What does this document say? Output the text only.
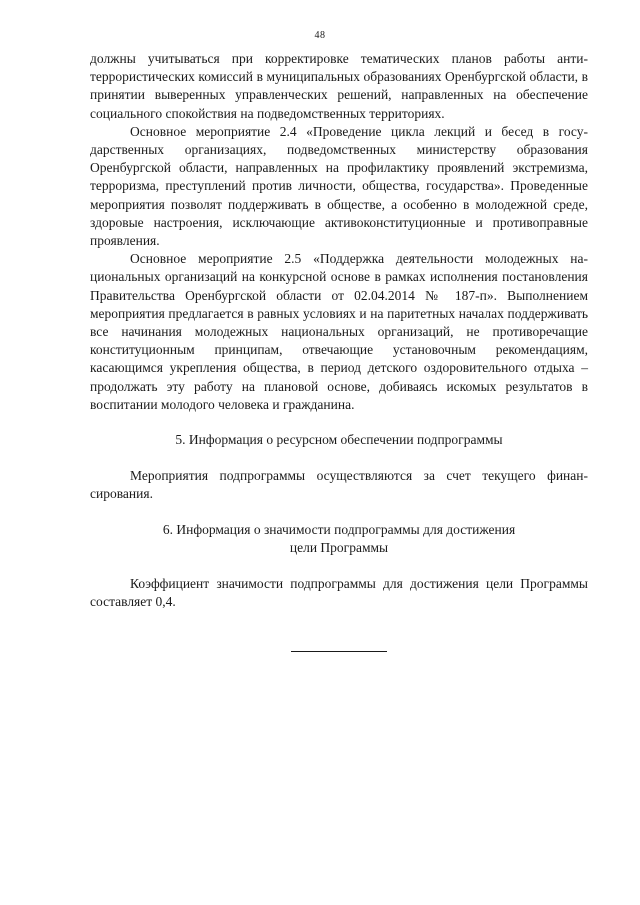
48

должны учитываться при корректировке тематических планов работы антитеррористических комиссий в муниципальных образованиях Оренбургской области, в принятии выверенных управленческих решений, направленных на обеспечение социального спокойствия на подведомственных территориях.

Основное мероприятие 2.4 «Проведение цикла лекций и бесед в государственных организациях, подведомственных министерству образования Оренбургской области, направленных на профилактику проявлений экстремизма, терроризма, преступлений против личности, общества, государства». Проведенные мероприятия позволят поддерживать в обществе, а особенно в молодежной среде, здоровые настроения, исключающие активоконституционные и противоправные проявления.

Основное мероприятие 2.5 «Поддержка деятельности молодежных национальных организаций на конкурсной основе в рамках исполнения постановления Правительства Оренбургской области от 02.04.2014 № 187-п». Выполнением мероприятия предлагается в равных условиях и на паритетных началах поддерживать все начинания молодежных национальных организаций, не противоречащие конституционным принципам, отвечающие установочным рекомендациям, касающимся укрепления общества, в период детского оздоровительного отдыха – продолжать эту работу на плановой основе, добиваясь искомых результатов в воспитании молодого человека и гражданина.

5. Информация о ресурсном обеспечении подпрограммы

Мероприятия подпрограммы осуществляются за счет текущего финансирования.

6. Информация о значимости подпрограммы для достижения
цели Программы

Коэффициент значимости подпрограммы для достижения цели Программы составляет 0,4.
